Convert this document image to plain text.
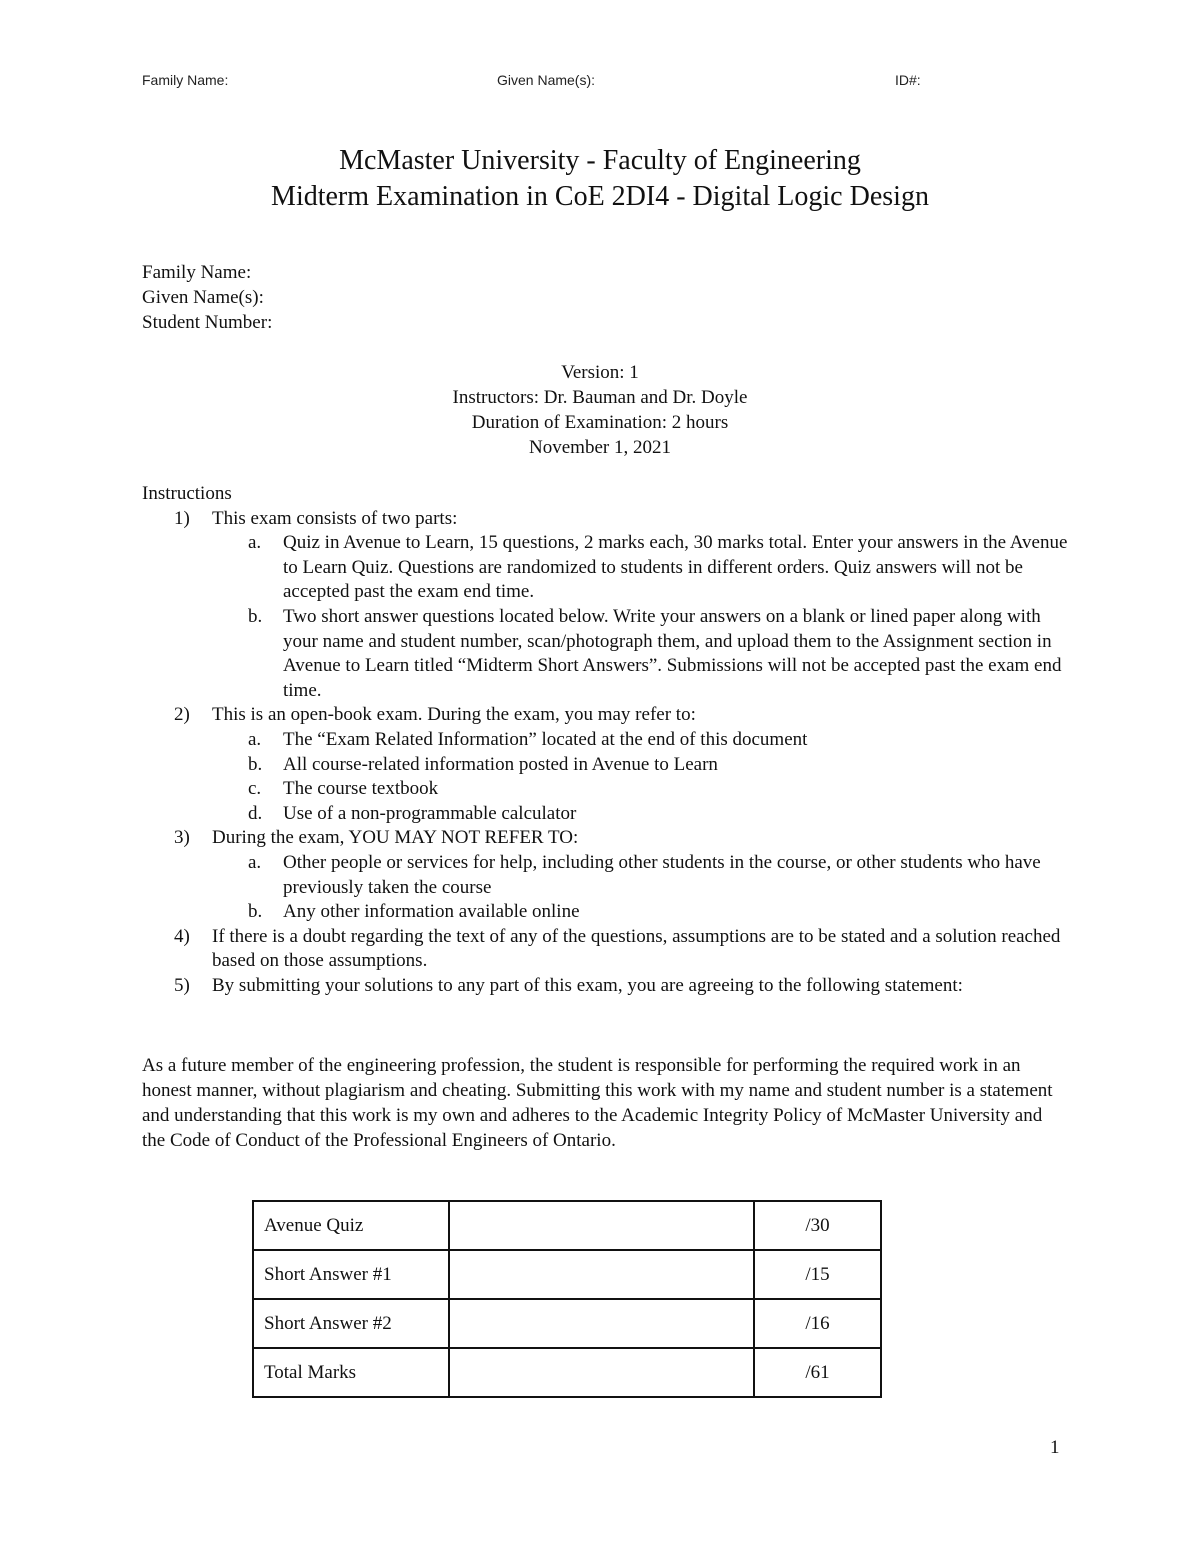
Family Name:	Given Name(s):	ID#:
McMaster University - Faculty of Engineering
Midterm Examination in CoE 2DI4 - Digital Logic Design
Family Name:
Given Name(s):
Student Number:
Version: 1
Instructors: Dr. Bauman and Dr. Doyle
Duration of Examination: 2 hours
November 1, 2021
Instructions
1) This exam consists of two parts:
a. Quiz in Avenue to Learn, 15 questions, 2 marks each, 30 marks total. Enter your answers in the Avenue to Learn Quiz. Questions are randomized to students in different orders. Quiz answers will not be accepted past the exam end time.
b. Two short answer questions located below. Write your answers on a blank or lined paper along with your name and student number, scan/photograph them, and upload them to the Assignment section in Avenue to Learn titled “Midterm Short Answers”. Submissions will not be accepted past the exam end time.
2) This is an open-book exam. During the exam, you may refer to:
a. The “Exam Related Information” located at the end of this document
b. All course-related information posted in Avenue to Learn
c. The course textbook
d. Use of a non-programmable calculator
3) During the exam, YOU MAY NOT REFER TO:
a. Other people or services for help, including other students in the course, or other students who have previously taken the course
b. Any other information available online
4) If there is a doubt regarding the text of any of the questions, assumptions are to be stated and a solution reached based on those assumptions.
5) By submitting your solutions to any part of this exam, you are agreeing to the following statement:
As a future member of the engineering profession, the student is responsible for performing the required work in an honest manner, without plagiarism and cheating. Submitting this work with my name and student number is a statement and understanding that this work is my own and adheres to the Academic Integrity Policy of McMaster University and the Code of Conduct of the Professional Engineers of Ontario.
Avenue Quiz		/30
Short Answer #1		/15
Short Answer #2		/16
Total Marks		/61
1
